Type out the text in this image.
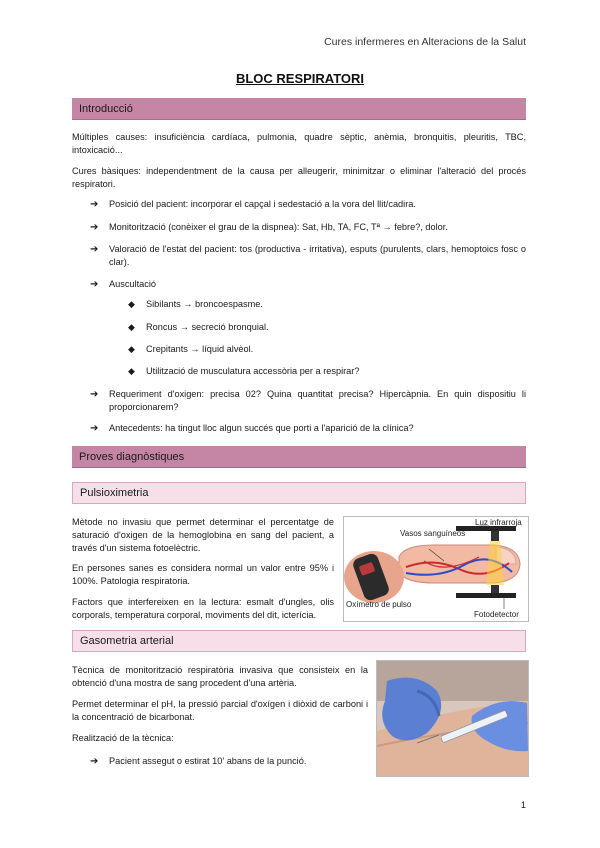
Cures infermeres en Alteracions de la Salut
BLOC RESPIRATORI
Introducció
Múltiples causes: insuficiència cardíaca, pulmonia, quadre sèptic, anèmia, bronquitis, pleuritis, TBC, intoxicació...
Cures bàsiques: independentment de la causa per alleugerir, minimitzar o eliminar l'alteració del procés respiratori.
➔	Posició del pacient: incorporar el capçal i sedestació a la vora del llit/cadira.
➔	Monitorització (conèixer el grau de la dispnea): Sat, Hb, TA, FC, Tª → febre?, dolor.
➔	Valoració de l'estat del pacient: tos (productiva - irritativa), esputs (purulents, clars, hemoptoics fosc o clar).
➔	Auscultació
◆ Sibilants → broncoespasme.
◆ Roncus → secreció bronquial.
◆ Crepitants → líquid alvèol.
◆ Utilització de musculatura accessòria per a respirar?
➔	Requeriment d'oxigen: precisa 02? Quina quantitat precisa? Hipercàpnia. En quin dispositiu li proporcionarem?
➔	Antecedents: ha tingut lloc algun succés que porti a l'aparició de la clínica?
Proves diagnòstiques
Pulsioximetria
Mètode no invasiu que permet determinar el percentatge de saturació d'oxigen de la hemoglobina en sang del pacient, a través d'un sistema fotoelèctric.
En persones sanes es considera normal un valor entre 95% i 100%. Patologia respiratoria.
Factors que interfereixen en la lectura: esmalt d'ungles, olis corporals, temperatura corporal, moviments del dit, icterícia.
Luz infrarroja
Vasos sanguíneos
Oxímetro de pulso
Fotodetector
Gasometria arterial
Tècnica de monitorització respiratòria invasiva que consisteix en la obtenció d'una mostra de sang procedent d'una artèria.
Permet determinar el pH, la pressió parcial d'oxígen i diòxid de carboni i la concentració de bicarbonat.
Realització de la tècnica:
➔	Pacient assegut o estirat 10' abans de la punció.
1
